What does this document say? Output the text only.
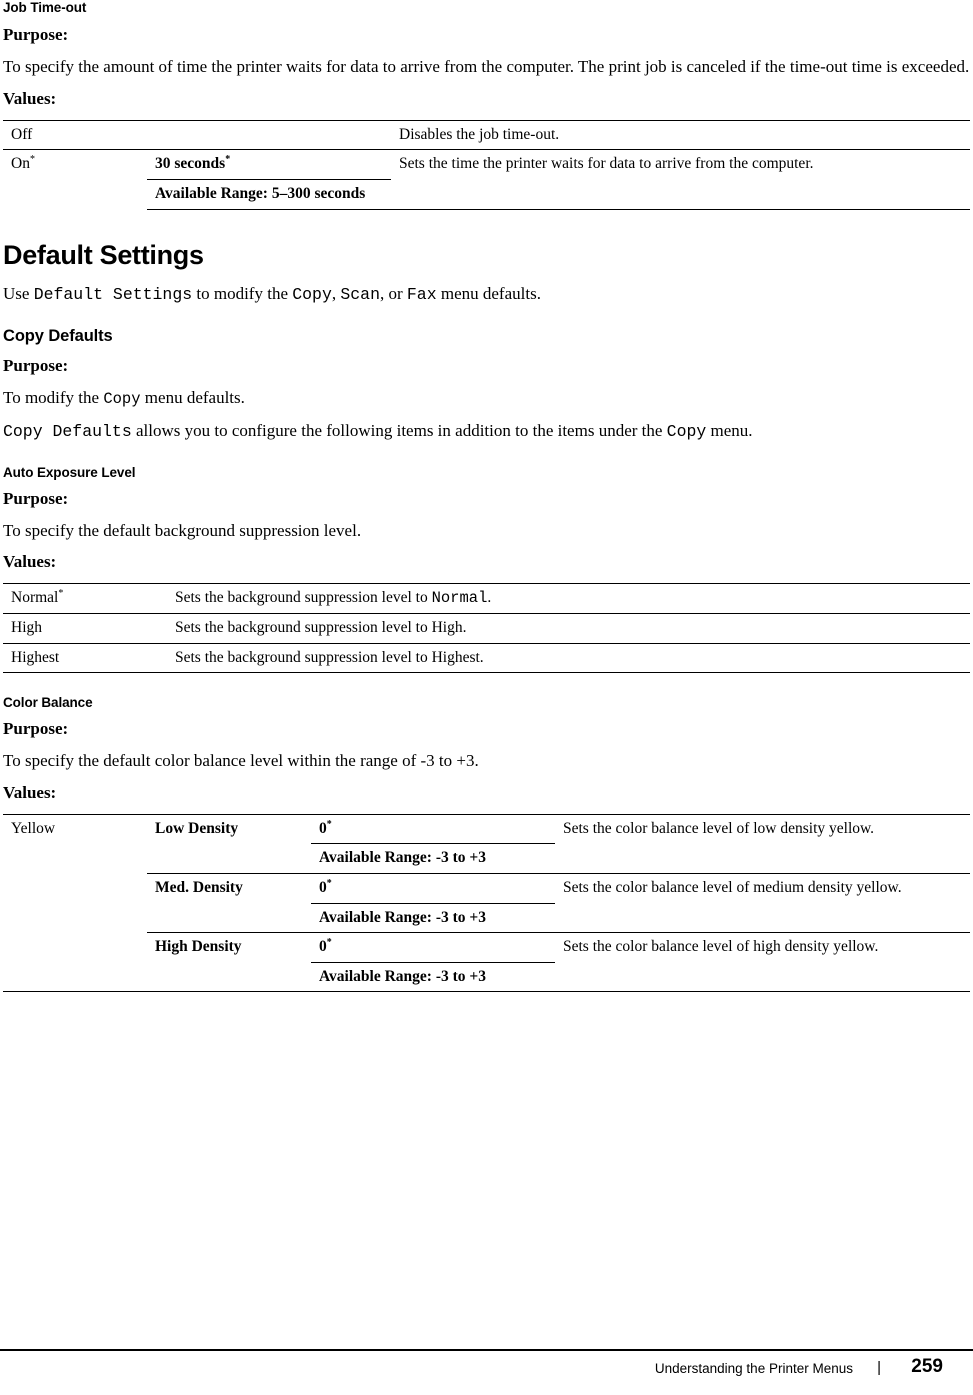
Job Time-out

Purpose:

To specify the amount of time the printer waits for data to arrive from the computer. The print job is canceled if the time-out time is exceeded.

Values:

Off		Disables the job time-out.
On*	30 seconds*	Sets the time the printer waits for data to arrive from the computer.
	Available Range: 5–300 seconds	
Default Settings

Use Default Settings to modify the Copy, Scan, or Fax menu defaults.

Copy Defaults

Purpose:

To modify the Copy menu defaults.

Copy Defaults allows you to configure the following items in addition to the items under the Copy menu.

Auto Exposure Level

Purpose:

To specify the default background suppression level.

Values:

Normal*	Sets the background suppression level to Normal.
High	Sets the background suppression level to High.
Highest	Sets the background suppression level to Highest.
Color Balance

Purpose:

To specify the default color balance level within the range of -3 to +3.

Values:

Yellow	Low Density	0*	Sets the color balance level of low density yellow.
		Available Range: -3 to +3	
	Med. Density	0*	Sets the color balance level of medium density yellow.
		Available Range: -3 to +3	
	High Density	0*	Sets the color balance level of high density yellow.
		Available Range: -3 to +3	
Understanding the Printer Menus | 259
